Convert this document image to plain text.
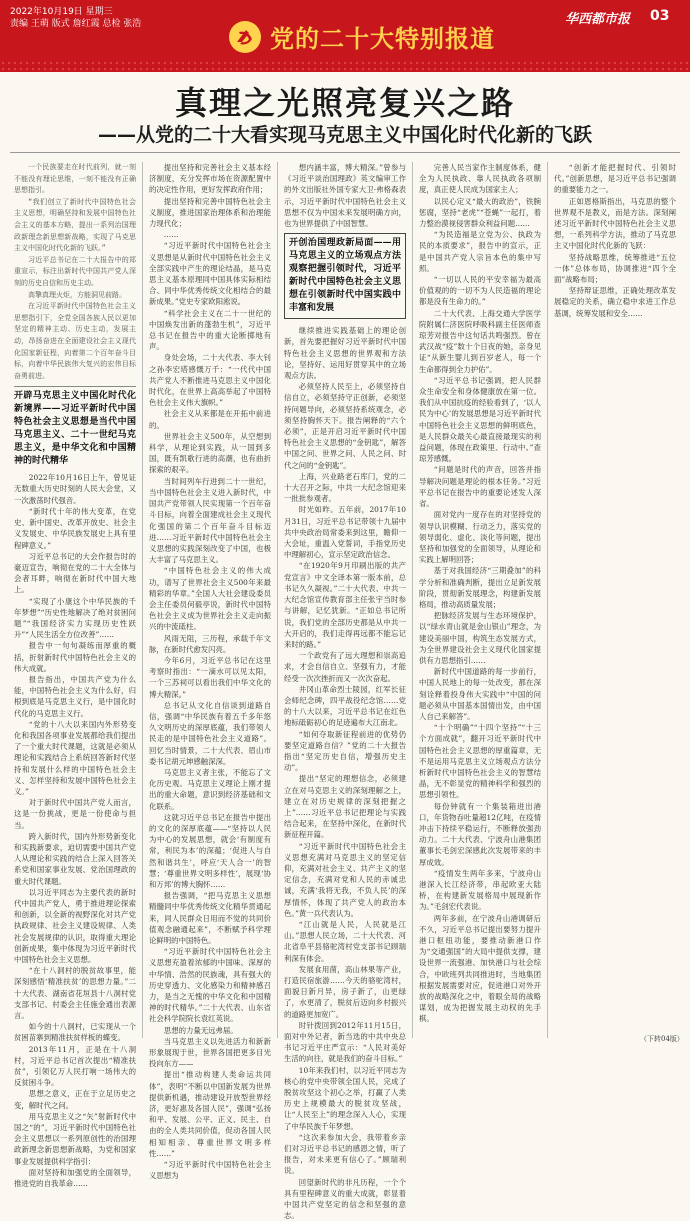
2022年10月19日 星期三
责编 王萌 版式 詹红霞 总检 张浩
党的二十大特别报道
华西都市报 03
真理之光照亮复兴之路
——从党的二十大看实现马克思主义中国化时代化新的飞跃

一个民族要走在时代前列，就一刻不能没有理论思维，一刻不能没有正确思想指引。

“我们创立了新时代中国特色社会主义思想，明确坚持和发展中国特色社会主义的基本方略，提出一系列治国理政新理念新思想新战略，实现了马克思主义中国化时代化新的飞跃。”

习近平总书记在二十大报告中的郑重宣示，标注出新时代中国共产党人深刻的历史自信和历史主动。

高擎真理火炬，方能洞见前路。

在习近平新时代中国特色社会主义思想指引下，全党全国各族人民以更加坚定的精神主动、历史主动，发展主动，昂扬奋进在全面建设社会主义现代化国家新征程，向着第二个百年奋斗目标，向着中华民族伟大复兴的宏伟目标奋勇前进。

开辟马克思主义中国化时代化新境界——习近平新时代中国特色社会主义思想是当代中国马克思主义、二十一世纪马克思主义，是中华文化和中国精神的时代精华

2022年10月16日上午，曾见证无数重大历史时刻的人民大会堂，又一次激荡时代强音。

“新时代十年的伟大变革，在党史、新中国史、改革开放史、社会主义发展史、中华民族发展史上具有里程碑意义。”

习近平总书记的大会作报告时的豪迈宣告，响彻在党的二十大全体与会者耳畔，响彻在新时代中国大地上。

“实现了小康这个中华民族的千年梦想”“历史性地解决了绝对贫困问题”“我国经济实力实现历史性跃升”“人民生活全方位改善”……

报告中一句句凝练而厚重的概括，折射新时代中国特色社会主义的伟大成就。

报告指出，中国共产党为什么能，中国特色社会主义为什么好，归根到底是马克思主义行，是中国化时代化的马克思主义行。

“党的十八大以来国内外形势变化和我国各项事业发展都给我们提出了一个重大时代课题，这就是必须从理论和实践结合上系统回答新时代坚持和发展什么样的中国特色社会主义、怎样坚持和发展中国特色社会主义。”

对于新时代中国共产党人而言，这是一份挑战，更是一份使命与担当。

跨入新时代，国内外形势新变化和实践新要求，迫切需要中国共产党人从理论和实践的结合上深入回答关系党和国家事业发展、党治国理政的重大时代课题。

以习近平同志为主要代表的新时代中国共产党人，勇于推进理论探索和创新，以全新的视野深化对共产党执政规律、社会主义建设规律、人类社会发展规律的认识，取得重大理论创新成果，集中体现为习近平新时代中国特色社会主义思想。

“在十八洞村的脱贫故事里，能深刻感悟‘精准扶贫’的思想力量。”二十大代表、湖南省花垣县十八洞村党支部书记、村委会主任施金通出表源言。

如今的十八洞村，已实现从一个贫困苗寨到精准扶贫样板的蝶变。

2013年11月，正是在十八洞村，习近平总书记首次提出“精准扶贫”，引领亿万人民打响一场伟大的反贫困斗争。

思想之意义，正在于立足历史之变，解时代之问。

用马克思主义之“矢”射新时代中国之“的”，习近平新时代中国特色社会主义思想以一系列原创性的治国理政新理念新思想新战略，为党和国家事业发展提供科学指引：

面对坚持和加强党的全面领导，推进党的自我革命……

提出坚持和完善社会主义基本经济制度，充分发挥市场在资源配置中的决定性作用，更好发挥政府作用；

提出坚持和完善中国特色社会主义制度，推进国家治理体系和治理能力现代化；

……

“习近平新时代中国特色社会主义思想是从新时代中国特色社会主义全部实践中产生的理论结晶，是马克思主义基本原理同中国具体实际相结合、同中华优秀传统文化相结合的最新成果。”党史专家欧阳淞说。

“科学社会主义在二十一世纪的中国焕发出新的蓬勃生机”，习近平总书记在报告中的重大论断掷地有声。

身处会场，二十大代表、李大钊之孙李宏塔感慨万千：“一代代中国共产党人不断推进马克思主义中国化时代化，在世界上高高举起了中国特色社会主义伟大旗帜。”

社会主义从来都是在开拓中前进的。

世界社会主义500年，从空想到科学，从理论到实践，从一国到多国，既有凯歌行进的高潮，也有曲折探索的艰辛。

当时间列车行进到二十一世纪，当中国特色社会主义进入新时代，中国共产党带领人民实现第一个百年奋斗目标，向着全面建成社会主义现代化强国的第二个百年奋斗目标迈进……习近平新时代中国特色社会主义思想的实践深刻改变了中国，也极大丰富了马克思主义。

“中国特色社会主义的伟大成功，谱写了世界社会主义500年来最精彩的华章。”全国人大社会建设委员会主任委员何毅亭说，新时代中国特色社会主义成为世界社会主义走向振兴的中流砥柱。

风雨无阻，三历程，承载千年文脉，在新时代愈发闪亮。

今年6月，习近平总书记在这里考察时指出：“一滴水可以见太阳，一个三苏祠可以看出我们中华文化的博大精深。”

总书记从文化自信谈到道路自信，强调“中华民族有着五千多年悠久文明历史的深厚底蕴，我们带领人民走的是中国特色社会主义道路”。回忆当时情景，二十大代表、眉山市委书记胡元坤感触深深。

马克思主义者主张，不能忘了文化历史观。马克思主义理论上刚才提出的重大命题，意识到经济基础和文化联系。

这就习近平总书记在报告中提出的文化的深厚底蕴——“坚持以人民为中心的发展思想，就会‘有制度有常，利民为本’的深蕴；‘促进人与自然和谐共生’，呼应‘天人合一’的智慧；‘尊重世界文明多样性’，展现‘协和万邦’的博大胸怀……

报告强调，“把马克思主义思想精髓同中华优秀传统文化精华贯通起来，同人民群众日用而不觉的共同价值观念融通起来”，不断赋予科学理论鲜明的中国特色。

“习近平新时代中国特色社会主义思想充盈着浓郁的中国味、深厚的中华情、浩然的民族魂，具有强大的历史穿透力、文化感染力和精神感召力，是当之无愧的中华文化和中国精神的时代精华。”二十大代表、山东省社会科学院院长袁红英说。

思想的力量无远弗届。

当马克思主义以先进活力和新新形象展现于世，世界各国把更多目光投向东方——

提出“推动构建人类命运共同体”，表明“不断以中国新发展为世界提供新机遇，推动建设开放型世界经济，更好惠及各国人民”，强调“弘扬和平、发展、公平、正义、民主、自由的全人类共同价值，促动各国人民相知相亲、尊重世界文明多样性……”

“习近平新时代中国特色社会主义思想为

想内涵丰富，博大精深。”曾参与《习近平谈治国理政》英文编审工作的外文出版社外国专家大卫·弗格森表示，习近平新时代中国特色社会主义思想不仅为中国未来发展明确方向，也为世界提供了中国智慧。

开创治国理政新局面——用马克思主义的立场观点方法观察把握引领时代，习近平新时代中国特色社会主义思想在引领新时代中国实践中丰富和发展

继续推进实践基础上的理论创新，首先要把握好习近平新时代中国特色社会主义思想的世界观和方法论，坚持好、运用好贯穿其中的立场观点方法。

必须坚持人民至上，必须坚持自信自立，必须坚持守正创新，必须坚持问题导向，必须坚持系统观念，必须坚持胸怀天下。报告阐释的“六个必须”，正是开启习近平新时代中国特色社会主义思想的“金钥匙”，解答中国之问、世界之问、人民之问、时代之问的“金钥匙”。

上海，兴业路老石库门，党的二十大召开之际，中共一大纪念馆迎来一批批参观者。

时光如昨。五年前，2017年10月31日，习近平总书记带领十九届中共中央政治局常委来到这里，瞻仰一大会址，重温入党誓词，手指党历史中理解初心，宣示坚定政治信念。

“在1920年9月印刷出版的共产党宣言》中文全译本第一版本前，总书记久久凝视。”二十大代表、中共一大纪念馆宣传教育部主任张宇当时参与讲解，记忆犹新。“正如总书记所说，我们党的全部历史都是从中共一大开启的，我们走得再远都不能忘记来时的路。”

一个政党有了远大理想和崇高追求，才会自信自立、坚强有力，才能经受一次次挫折而又一次次奋起。

井冈山革命烈士陵园，红军长征会师纪念碑，四平战役纪念馆……党的十八大以来，习近平总书记在红色地标砥砺初心的足迹遍布大江南北。

“如何夺取新征程前进的优势仍要坚定道路自信？”党的二十大报告指出“坚定历史自信，增强历史主动”。

提出“坚定的理想信念，必须建立在对马克思主义的深刻理解之上，建立在对历史规律的深刻把握之上”……习近平总书记把理论与实践结合起来，在坚持中深化，在新时代新征程开篇。

“习近平新时代中国特色社会主义思想充满对马克思主义的坚定信仰，充满对社会主义、共产主义的坚定信念，充满对党和人民的赤诚忠诚，充满‘我将无我，不负人民’的深厚情怀，体现了共产党人的政治本色。”黄一兵代表认为。

“江山就是人民，人民就是江山。”思想人民立场，二十大代表、河北省阜平县骆驼湾村党支部书记顾瑞利深有体会。

发展食用菌，高山林果等产业，打造民宿旅游……今天的骆驼湾村，面貌日新月异，房子新了，山更绿了，水更清了，脱贫后迈向乡村振兴的道路更加宽广。

时针拨回到2012年11月15日，面对中外记者，新当选的中共中央总书记习近平庄严宣示：“人民对美好生活的向往，就是我们的奋斗目标。”

10年来我们村，以习近平同志为核心的党中央带领全国人民，完成了脱贫攻坚这个初心之举，打赢了人类历史上规模最大的脱贫攻坚战，让“人民至上”的理念深入人心，实现了中华民族千年梦想。

“这次来参加大会，我带着乡亲们对习近平总书记的感恩之情，听了报告，对未来更有信心了。”顾瑞利说。

回望新时代的非凡历程，一个个具有里程碑意义的重大成就，彰显着中国共产党坚定的信念和坚强的意志。

完善人民当家作主制度体系，健全为人民执政、靠人民执政各项制度，真正使人民成为国家主人；

以民心定义“最大的政治”，铁腕惩腐，坚持“老虎”“苍蝇”一起打，着力整治漠视侵害群众利益问题……

“为民造福是立党为公、执政为民的本质要求”，报告中的宣示，正是中国共产党人宗旨本色的集中写照。

“一切以人民的平安幸福为最高价值观的的一切不为人民造福的理论都是没有生命力的。”

二十大代表、上海交通大学医学院附属仁济医院呼吸科副主任医师查琼芳对报告中这句话共鸣强烈。曾在武汉战“疫”数十个日夜的她，亲身见证“从新生婴儿到百岁老人，每一个生命都得到全力护佑”。

“习近平总书记强调，把人民群众生命安全和身体健康放在第一位。我们从中国抗疫的经验看到了，‘以人民为中心’的发展思想是习近平新时代中国特色社会主义思想的鲜明底色，是人民群众最关心最直接最现实的利益问题，体现在政策里、行动中。”查琼芳感慨。

“问题是时代的声音，回答并指导解决问题是理论的根本任务。”习近平总书记在报告中的重要论述发人深省。

面对党内一度存在的对坚持党的领导认识模糊、行动乏力，落实党的领导弱化、虚化、淡化等问题，提出坚持和加强党的全面领导，从理论和实践上解明回答；

基于对我国经济“三期叠加”的科学分析和准确判断，提出立足新发展阶段，贯彻新发展理念，构建新发展格局，推动高质量发展；

把脉经济发展与生态环境保护，以“绿水青山就是金山银山”理念，为建设美丽中国，构筑生态发展方式，为全世界建设社会主义现代化国家提供有力思想指引……

新时代中国道路的每一步前行，中国人民地上的每一处改变，都在深刻诠释着投身伟大实践中“中国的问题必须从中国基本国情出发，由中国人自己来解答”。

“十个明确”“十四个坚持”“十三个方面成就”，翻开习近平新时代中国特色社会主义思想的厚重篇章，无不是运用马克思主义立场观点方法分析新时代中国特色社会主义的智慧结晶，无不彰显党的精神科学和强烈的思想引领性。

每份钟就有一个集装箱进出港口，年货物吞吐量超12亿吨，在疫情冲击下持续平稳运行，不断释放强劲动力。二十大代表、宁波舟山港集团董事长毛剑宏深感此次发展带来的丰厚成效。

“疫情发生两年多来，宁波舟山港深入长江经济带，串起欧亚大陆桥，在构建新发展格局中展现新作为。”毛剑宏代表说。

两年多前，在宁波舟山港调研后不久，习近平总书记提出要努力提升港口枢纽功能，要推动新港口作为“交通强国”的大局中提供支撑，建设世界一流强港、加快港口与社会综合，中欧班列共同推进时，当地集团根据发展需要对应，促进港口对外开放的战略深化之中，着眼全局的战略谋划，成为把握发展主动权的先手棋。

“创新才能把握时代、引领时代。”创新思想，是习近平总书记强调的重要能力之一。

正如恩格斯指出，马克思的整个世界观不是教义，而是方法。深刻阐述习近平新时代中国特色社会主义思想，一系列科学方法，推动了马克思主义中国化时代化新的飞跃：

坚持战略思维，统筹推进“五位一体”总体布局，协调推进“四个全面”战略布局；

坚持辩证思维，正确处理改革发展稳定的关系，确立稳中求进工作总基调，统筹发展和安全……

（下转04版）
